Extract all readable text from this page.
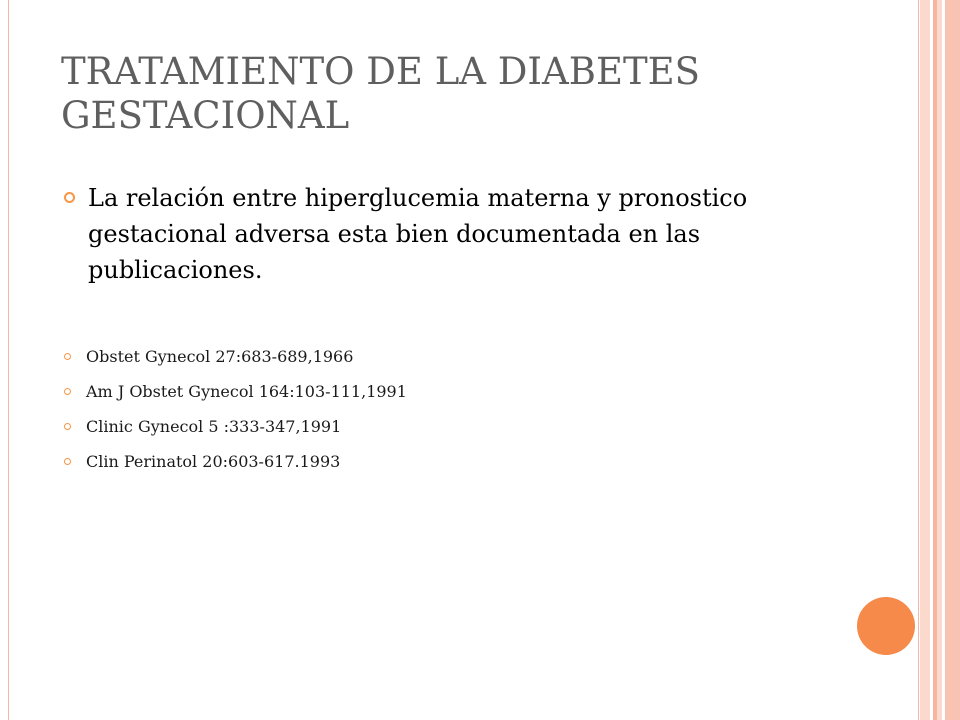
TRATAMIENTO DE LA DIABETES GESTACIONAL
La relación entre hiperglucemia materna y pronostico gestacional adversa esta bien documentada en las publicaciones.
Obstet Gynecol 27:683-689,1966
Am J Obstet Gynecol 164:103-111,1991
Clinic Gynecol 5 :333-347,1991
Clin Perinatol 20:603-617.1993
